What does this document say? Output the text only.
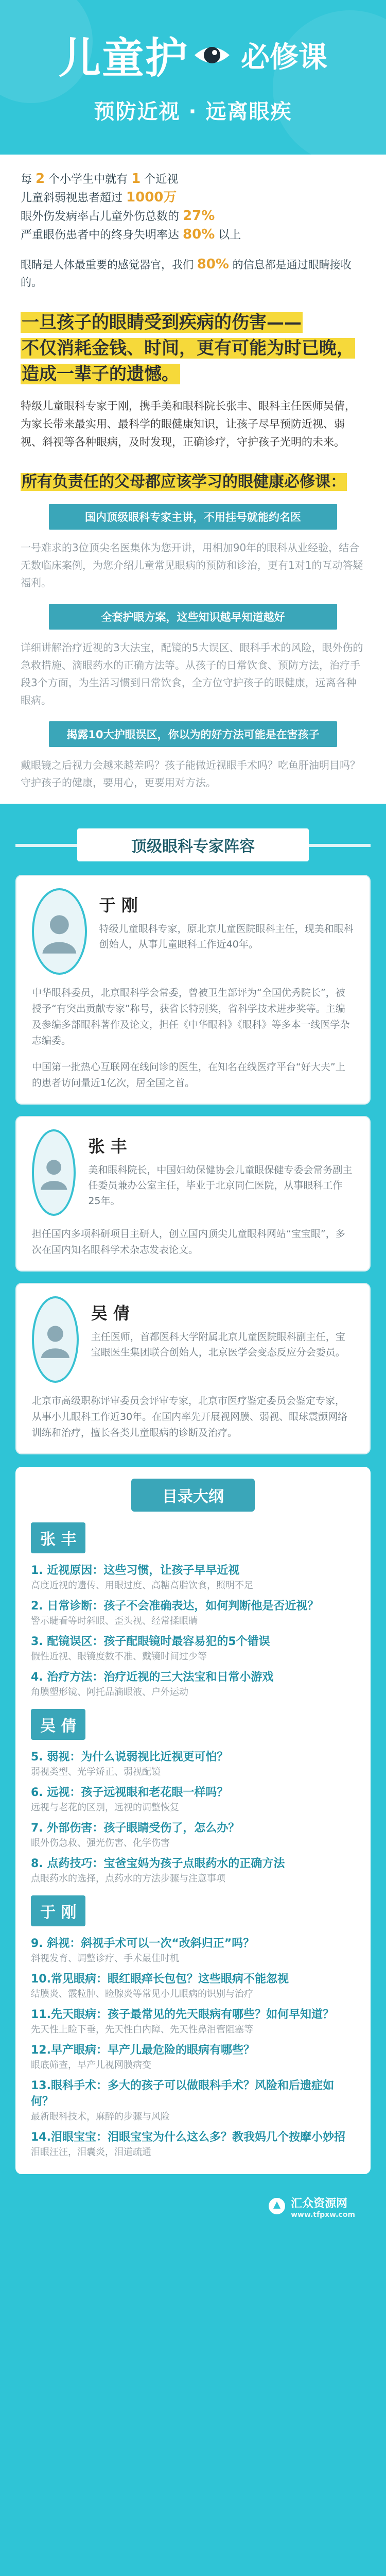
儿童护 必修课
预防近视 · 远离眼疾

每 2 个小学生中就有 1 个近视

儿童斜弱视患者超过 1000万

眼外伤发病率占儿童外伤总数的 27%

严重眼伤患者中的终身失明率达 80% 以上

眼睛是人体最重要的感觉器官，我们 80% 的信息都是通过眼睛接收的。
一旦孩子的眼睛受到疾病的伤害——
不仅消耗金钱、时间，更有可能为时已晚，
造成一辈子的遗憾。
特级儿童眼科专家于刚，携手美和眼科院长张丰、眼科主任医师吴倩，为家长带来最实用、最科学的眼健康知识，让孩子尽早预防近视、弱视、斜视等各种眼病，及时发现，正确诊疗，守护孩子光明的未来。
所有负责任的父母都应该学习的眼健康必修课：
国内顶级眼科专家主讲，不用挂号就能约名医
一号难求的3位顶尖名医集体为您开讲，用相加90年的眼科从业经验，结合无数临床案例，为您介绍儿童常见眼病的预防和诊治，更有1对1的互动答疑福利。
全套护眼方案，这些知识越早知道越好
详细讲解治疗近视的3大法宝，配镜的5大误区、眼科手术的风险，眼外伤的急救措施、滴眼药水的正确方法等。从孩子的日常饮食、预防方法，治疗手段3个方面，为生活习惯到日常饮食，全方位守护孩子的眼健康，远离各种眼病。
揭露10大护眼误区，你以为的好方法可能是在害孩子
戴眼镜之后视力会越来越差吗？孩子能做近视眼手术吗？吃鱼肝油明目吗？守护孩子的健康，要用心，更要用对方法。
顶级眼科专家阵容
于 刚
特级儿童眼科专家，原北京儿童医院眼科主任，现美和眼科创始人，从事儿童眼科工作近40年。
中华眼科委员，北京眼科学会常委，曾被卫生部评为“全国优秀院长”，被授予“有突出贡献专家”称号，获省长特别奖，省科学技术进步奖等。主编及参编多部眼科著作及论文，担任《中华眼科》《眼科》等多本一线医学杂志编委。
中国第一批热心互联网在线问诊的医生，在知名在线医疗平台“好大夫”上的患者访问量近1亿次，居全国之首。
张 丰
美和眼科院长，中国妇幼保健协会儿童眼保健专委会常务副主任委员兼办公室主任，毕业于北京同仁医院，从事眼科工作25年。
担任国内多项科研项目主研人，创立国内顶尖儿童眼科网站“宝宝眼”，多次在国内知名眼科学术杂志发表论文。
吴 倩
主任医师，首都医科大学附属北京儿童医院眼科副主任，宝宝眼医生集团联合创始人，北京医学会变态反应分会委员。
北京市高级职称评审委员会评审专家，北京市医疗鉴定委员会鉴定专家，从事小儿眼科工作近30年。在国内率先开展视网膜、弱视、眼球震颤网络训练和治疗，擅长各类儿童眼病的诊断及治疗。
目录大纲
张 丰
1. 近视原因：这些习惯，让孩子早早近视
高度近视的遗传、用眼过度、高糖高脂饮食，照明不足
2. 日常诊断：孩子不会准确表达，如何判断他是否近视？
警示睫看等时斜眼、歪头视、经常揉眼睛
3. 配镜误区：孩子配眼镜时最容易犯的5个错误
假性近视、眼镜度数不准、戴镜时间过少等
4. 治疗方法：治疗近视的三大法宝和日常小游戏
角膜塑形镜、阿托品滴眼液、户外运动
吴 倩
5. 弱视：为什么说弱视比近视更可怕？
弱视类型、光学矫正、弱视配镜
6. 远视：孩子远视眼和老花眼一样吗？
远视与老花的区别，远视的调整恢复
7. 外部伤害：孩子眼睛受伤了，怎么办？
眼外伤急救、强光伤害、化学伤害
8. 点药技巧：宝爸宝妈为孩子点眼药水的正确方法
点眼药水的选择，点药水的方法步骤与注意事项
于 刚
9. 斜视：斜视手术可以一次“改斜归正”吗？
斜视发育、调整诊疗、手术最佳时机
10.常见眼病：眼红眼痒长包包？这些眼病不能忽视
结膜炎、霰粒肿、睑腺炎等常见小儿眼病的识别与治疗
11.先天眼病：孩子最常见的先天眼病有哪些？如何早知道？
先天性上睑下垂，先天性白内障、先天性鼻泪管阻塞等
12.早产眼病：早产儿最危险的眼病有哪些？
眼底筛查，早产儿视网膜病变
13.眼科手术：多大的孩子可以做眼科手术？风险和后遗症如何？
最新眼科技术，麻醉的步骤与风险
14.泪眼宝宝：泪眼宝宝为什么这么多？教我妈几个按摩小妙招
泪眼汪汪，泪囊炎，泪道疏通
汇众资源网
www.tfpxw.com
